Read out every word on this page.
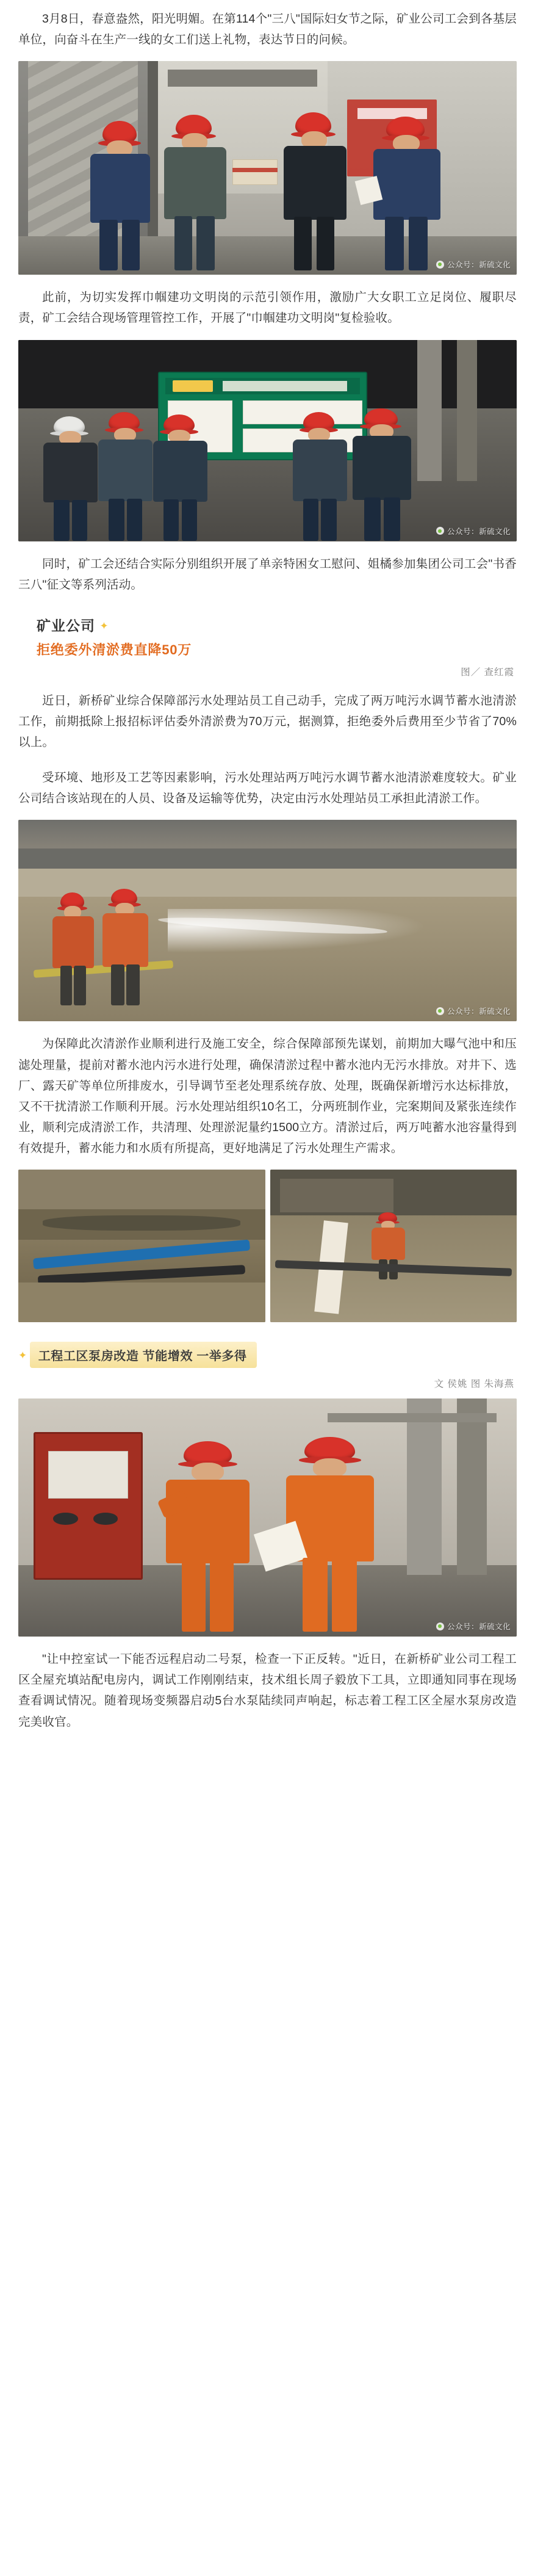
3月8日，春意盎然，阳光明媚。在第114个"三八"国际妇女节之际，矿业公司工会到各基层单位，向奋斗在生产一线的女工们送上礼物，表达节日的问候。

公众号：新硫文化

此前，为切实发挥巾帼建功文明岗的示范引领作用，激励广大女职工立足岗位、履职尽责，矿工会结合现场管理管控工作，开展了"巾帼建功文明岗"复检验收。

公众号：新硫文化

同时，矿工会还结合实际分别组织开展了单亲特困女工慰问、姐橘参加集团公司工会"书香三八"征文等系列活动。

矿业公司 ✦
拒绝委外清淤费直降50万
图／ 查红霞

近日，新桥矿业综合保障部污水处理站员工自己动手，完成了两万吨污水调节蓄水池清淤工作，前期抵除上报招标评估委外清淤费为70万元，据测算，拒绝委外后费用至少节省了70%以上。

受环境、地形及工艺等因素影响，污水处理站两万吨污水调节蓄水池清淤难度较大。矿业公司结合该站现在的人员、设备及运输等优势，决定由污水处理站员工承担此清淤工作。

公众号：新硫文化

为保障此次清淤作业顺利进行及施工安全，综合保障部预先谋划，前期加大曝气池中和压滤处理量，提前对蓄水池内污水进行处理，确保清淤过程中蓄水池内无污水排放。对井下、选厂、露天矿等单位所排废水，引导调节至老处理系统存放、处理，既确保新增污水达标排放，又不干扰清淤工作顺利开展。污水处理站组织10名工，分两班制作业，完案期间及紧张连续作业，顺利完成清淤工作，共清理、处理淤泥量约1500立方。清淤过后，两万吨蓄水池容量得到有效提升，蓄水能力和水质有所提高，更好地满足了污水处理生产需求。

✦ 工程工区泵房改造 节能增效 一举多得
文 侯姚 图 朱海燕
公众号：新硫文化

"让中控室试一下能否远程启动二号泵，检查一下正反转。"近日，在新桥矿业公司工程工区全屋充填站配电房内，调试工作刚刚结束，技术组长周子毅放下工具，立即通知同事在现场查看调试情况。随着现场变频器启动5台水泵陆续同声响起，标志着工程工区全屋水泵房改造完美收官。
